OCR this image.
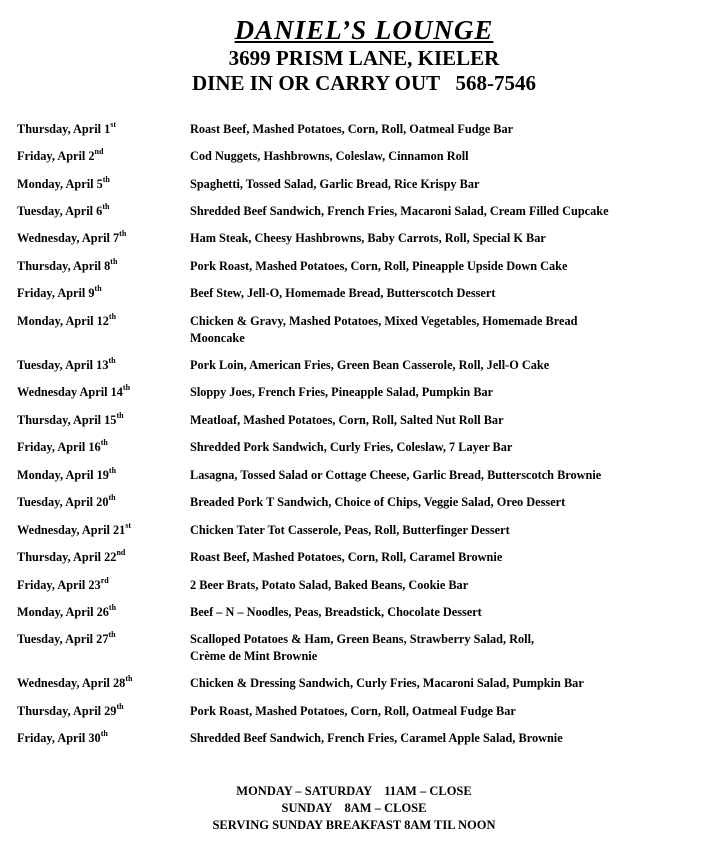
DANIEL’S LOUNGE
3699 PRISM LANE, KIELER
DINE IN OR CARRY OUT   568-7546
Thursday, April 1st	Roast Beef, Mashed Potatoes, Corn, Roll, Oatmeal Fudge Bar
Friday, April 2nd	Cod Nuggets, Hashbrowns, Coleslaw, Cinnamon Roll
Monday, April 5th	Spaghetti, Tossed Salad, Garlic Bread, Rice Krispy Bar
Tuesday, April 6th	Shredded Beef Sandwich, French Fries, Macaroni Salad, Cream Filled Cupcake
Wednesday, April 7th	Ham Steak, Cheesy Hashbrowns, Baby Carrots, Roll, Special K Bar
Thursday, April 8th	Pork Roast, Mashed Potatoes, Corn, Roll, Pineapple Upside Down Cake
Friday, April 9th	Beef Stew, Jell-O, Homemade Bread, Butterscotch Dessert
Monday, April 12th	Chicken & Gravy, Mashed Potatoes, Mixed Vegetables, Homemade Bread
Mooncake
Tuesday, April 13th	Pork Loin, American Fries, Green Bean Casserole, Roll, Jell-O Cake
Wednesday April 14th	Sloppy Joes, French Fries, Pineapple Salad, Pumpkin Bar
Thursday, April 15th	Meatloaf, Mashed Potatoes, Corn, Roll, Salted Nut Roll Bar
Friday, April 16th	Shredded Pork Sandwich, Curly Fries, Coleslaw, 7 Layer Bar
Monday, April 19th	Lasagna, Tossed Salad or Cottage Cheese, Garlic Bread, Butterscotch Brownie
Tuesday, April 20th	Breaded Pork T Sandwich, Choice of Chips, Veggie Salad, Oreo Dessert
Wednesday, April 21st	Chicken Tater Tot Casserole, Peas, Roll, Butterfinger Dessert
Thursday, April 22nd	Roast Beef, Mashed Potatoes, Corn, Roll, Caramel Brownie
Friday, April 23rd	2 Beer Brats, Potato Salad, Baked Beans, Cookie Bar
Monday, April 26th	Beef – N – Noodles, Peas, Breadstick, Chocolate Dessert
Tuesday, April 27th	Scalloped Potatoes & Ham, Green Beans, Strawberry Salad, Roll,
Crème de Mint Brownie
Wednesday, April 28th	Chicken & Dressing Sandwich, Curly Fries, Macaroni Salad, Pumpkin Bar
Thursday, April 29th	Pork Roast, Mashed Potatoes, Corn, Roll, Oatmeal Fudge Bar
Friday, April 30th	Shredded Beef Sandwich, French Fries, Caramel Apple Salad, Brownie
MONDAY – SATURDAY    11AM – CLOSE
SUNDAY    8AM – CLOSE
SERVING SUNDAY BREAKFAST 8AM TIL NOON
